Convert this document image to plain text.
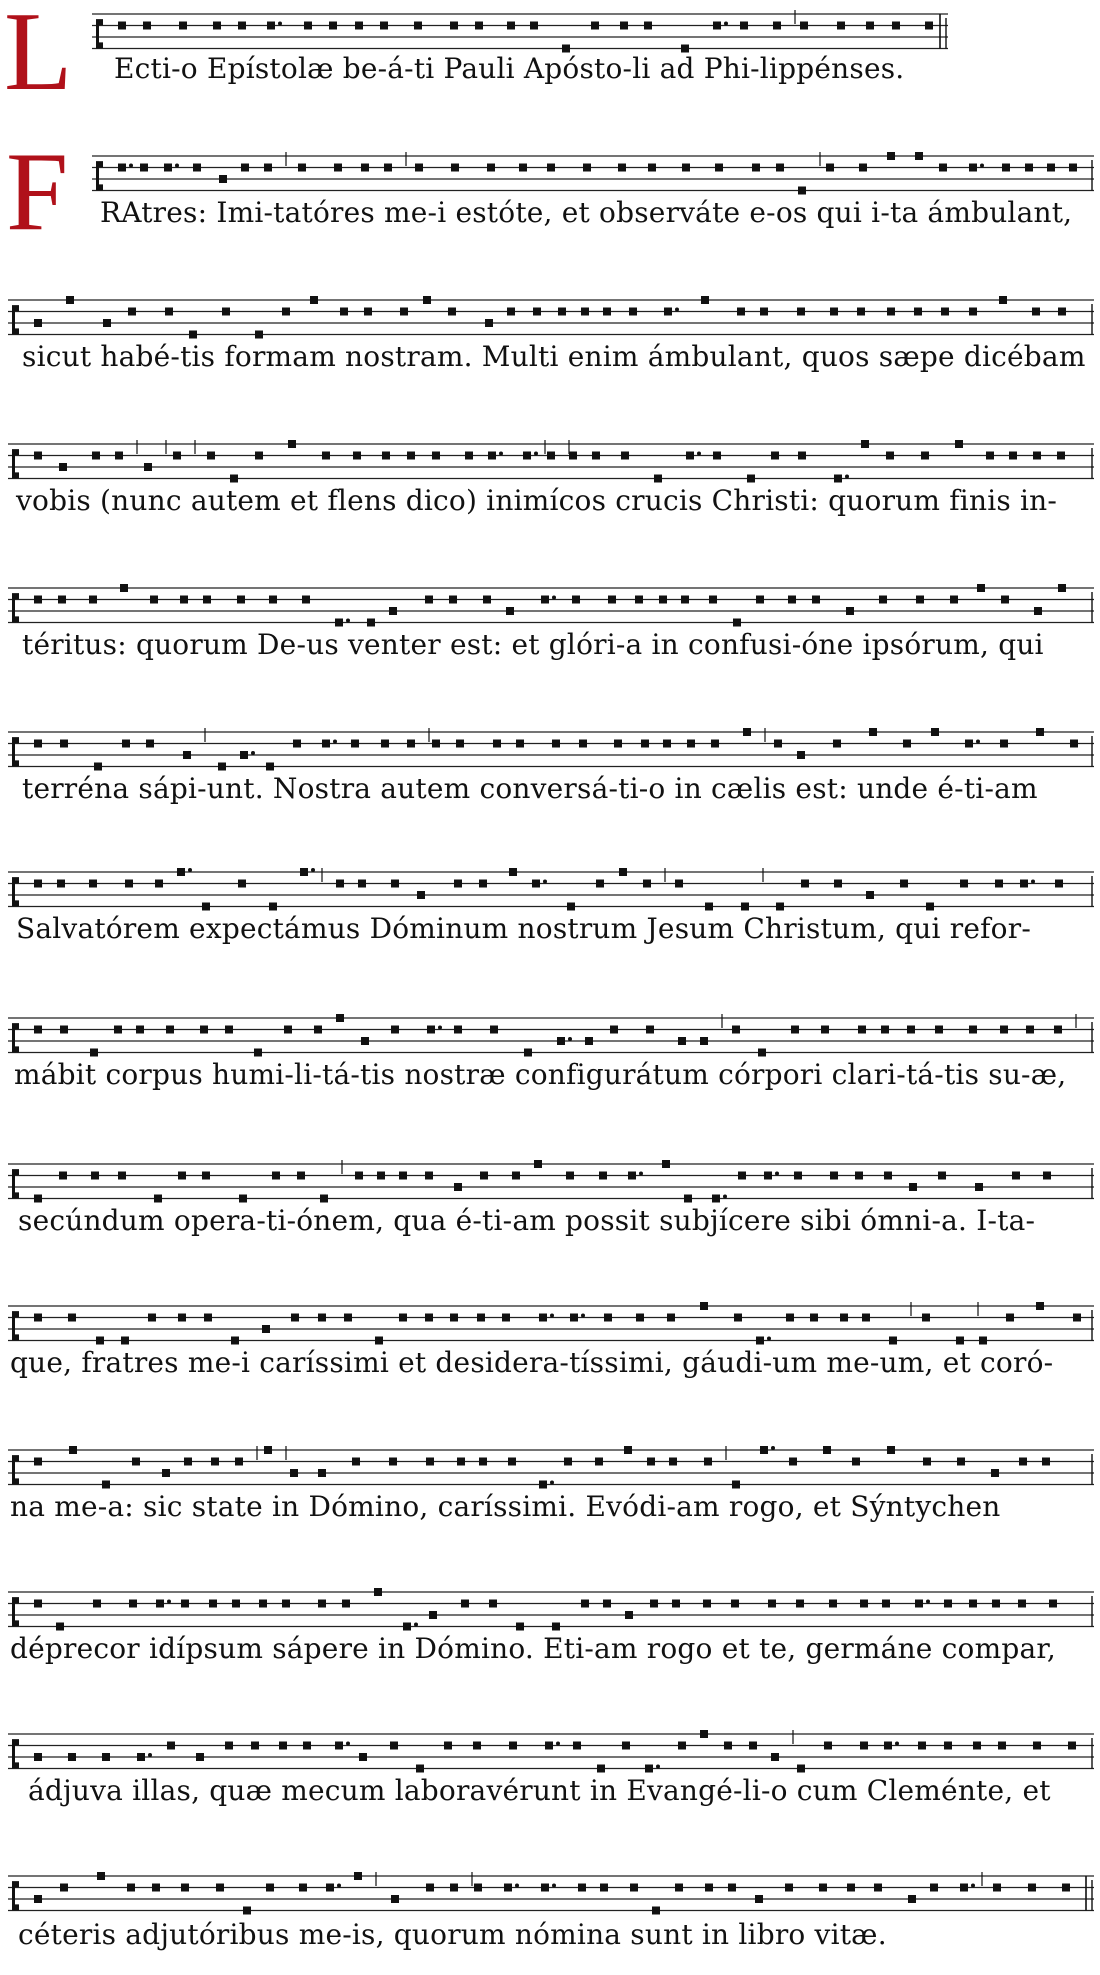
L
F
Ecti-o Epístolæ be-á-ti Pauli Apósto-li ad Phi-lippénses.
RAtres: Imi-tatóres me-i estóte, et observáte e-os qui i-ta ámbulant,
sicut habé-tis formam nostram. Multi enim ámbulant, quos sæpe dicébam
vobis (nunc autem et flens dico) inimícos crucis Christi: quorum finis in-
téritus: quorum De-us venter est: et glóri-a in confusi-óne ipsórum, qui
terréna sápi-unt. Nostra autem conversá-ti-o in cælis est: unde é-ti-am
Salvatórem expectámus Dóminum nostrum Jesum Christum, qui refor-
mábit corpus humi-li-tá-tis nostræ configurátum córpori clari-tá-tis su-æ,
secúndum opera-ti-ónem, qua é-ti-am possit subjícere sibi ómni-a. I-ta-
que, fratres me-i caríssimi et desidera-tíssimi, gáudi-um me-um, et coró-
na me-a: sic state in Dómino, caríssimi. Evódi-am rogo, et Sýntychen
déprecor idípsum sápere in Dómino. Eti-am rogo et te, germáne compar,
ádjuva illas, quæ mecum laboravérunt in Evangé-li-o cum Cleménte, et
céteris adjutóribus me-is, quorum nómina sunt in libro vitæ.
